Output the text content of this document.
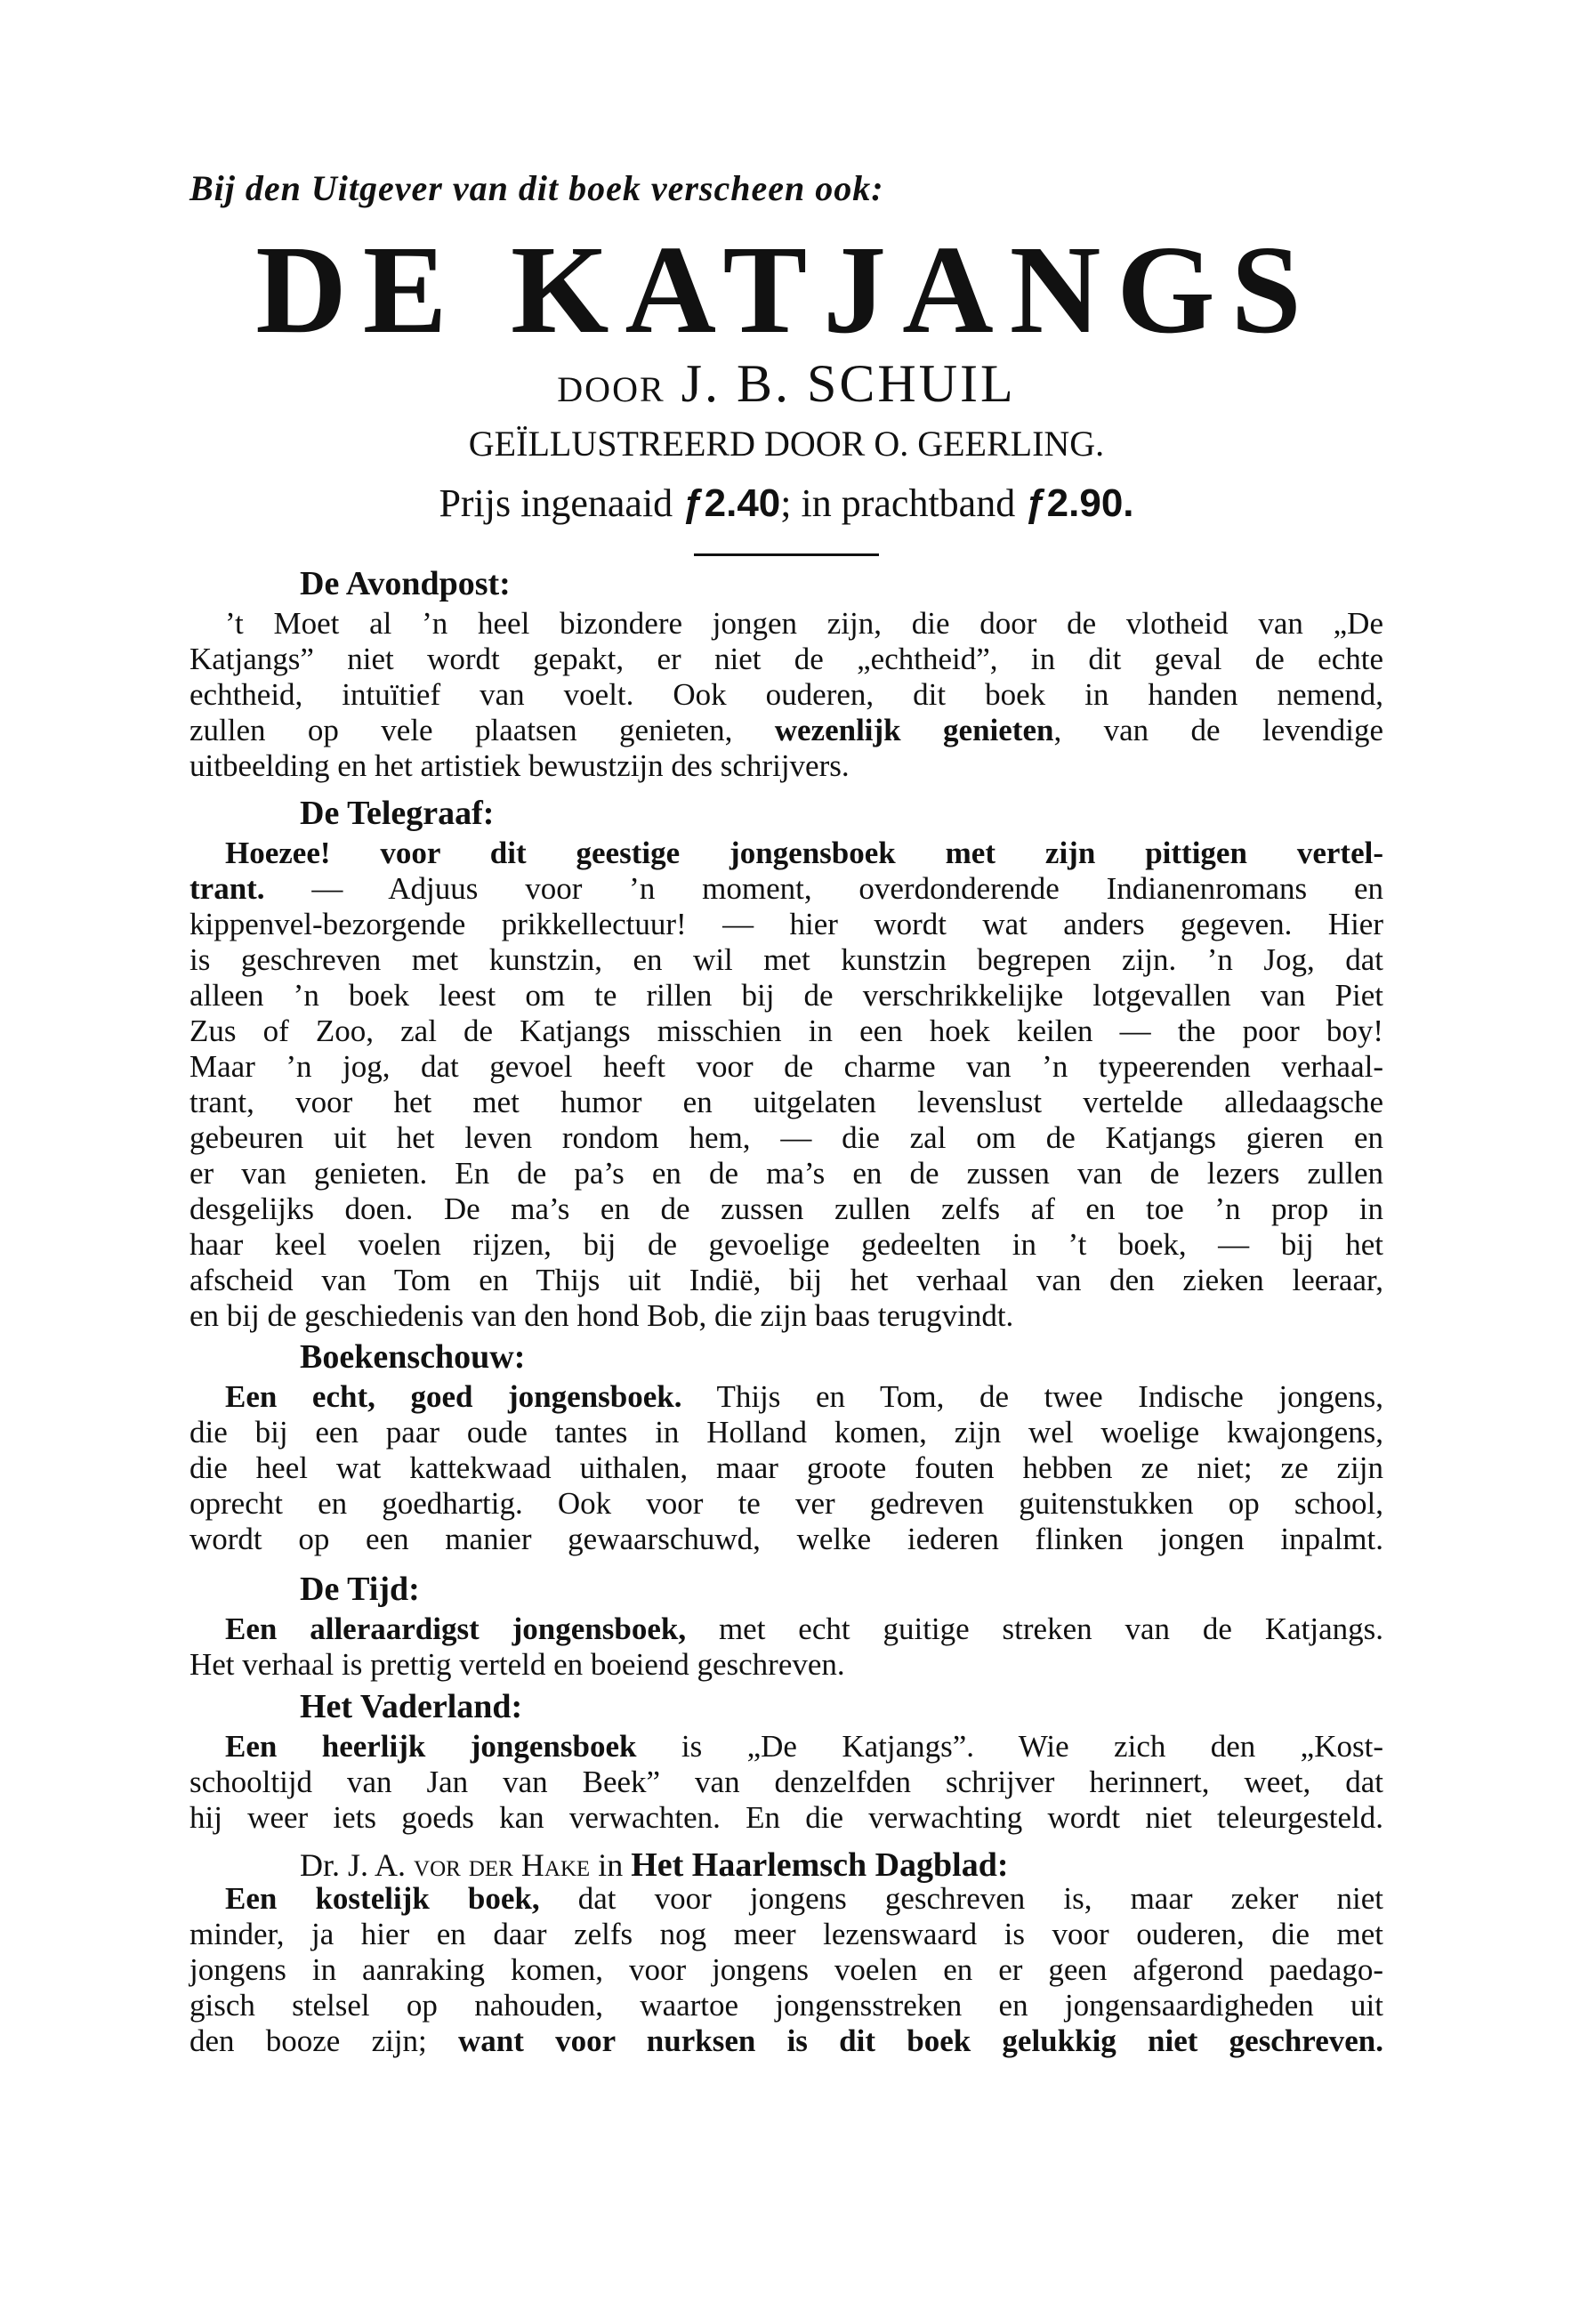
Bij den Uitgever van dit boek verscheen ook:
DE KATJANGS
DOOR J. B. SCHUIL
GEÏLLUSTREERD DOOR O. GEERLING.
Prijs ingenaaid ƒ2.40; in prachtband ƒ2.90.
De Avondpost:
’t Moet al ’n heel bizondere jongen zijn, die door de vlotheid van „De
Katjangs” niet wordt gepakt, er niet de „echtheid”, in dit geval de echte
echtheid, intuïtief van voelt. Ook ouderen, dit boek in handen nemend,
zullen op vele plaatsen genieten, wezenlijk genieten, van de levendige
uitbeelding en het artistiek bewustzijn des schrijvers.
De Telegraaf:
Hoezee! voor dit geestige jongensboek met zijn pittigen vertel-
trant. — Adjuus voor ’n moment, overdonderende Indianenromans en
kippenvel-bezorgende prikkellectuur! — hier wordt wat anders gegeven. Hier
is geschreven met kunstzin, en wil met kunstzin begrepen zijn. ’n Jog, dat
alleen ’n boek leest om te rillen bij de verschrikkelijke lotgevallen van Piet
Zus of Zoo, zal de Katjangs misschien in een hoek keilen — the poor boy!
Maar ’n jog, dat gevoel heeft voor de charme van ’n typeerenden verhaal-
trant, voor het met humor en uitgelaten levenslust vertelde alledaagsche
gebeuren uit het leven rondom hem, — die zal om de Katjangs gieren en
er van genieten. En de pa’s en de ma’s en de zussen van de lezers zullen
desgelijks doen. De ma’s en de zussen zullen zelfs af en toe ’n prop in
haar keel voelen rijzen, bij de gevoelige gedeelten in ’t boek, — bij het
afscheid van Tom en Thijs uit Indië, bij het verhaal van den zieken leeraar,
en bij de geschiedenis van den hond Bob, die zijn baas terugvindt.
Boekenschouw:
Een echt, goed jongensboek. Thijs en Tom, de twee Indische jongens,
die bij een paar oude tantes in Holland komen, zijn wel woelige kwajongens,
die heel wat kattekwaad uithalen, maar groote fouten hebben ze niet; ze zijn
oprecht en goedhartig. Ook voor te ver gedreven guitenstukken op school,
wordt op een manier gewaarschuwd, welke iederen flinken jongen inpalmt.
De Tijd:
Een alleraardigst jongensboek, met echt guitige streken van de Katjangs.
Het verhaal is prettig verteld en boeiend geschreven.
Het Vaderland:
Een heerlijk jongensboek is „De Katjangs”. Wie zich den „Kost-
schooltijd van Jan van Beek” van denzelfden schrijver herinnert, weet, dat
hij weer iets goeds kan verwachten. En die verwachting wordt niet teleurgesteld.
Dr. J. A. vor der Hake in Het Haarlemsch Dagblad:
Een kostelijk boek, dat voor jongens geschreven is, maar zeker niet
minder, ja hier en daar zelfs nog meer lezenswaard is voor ouderen, die met
jongens in aanraking komen, voor jongens voelen en er geen afgerond paedago-
gisch stelsel op nahouden, waartoe jongensstreken en jongensaardigheden uit
den booze zijn; want voor nurksen is dit boek gelukkig niet geschreven.
